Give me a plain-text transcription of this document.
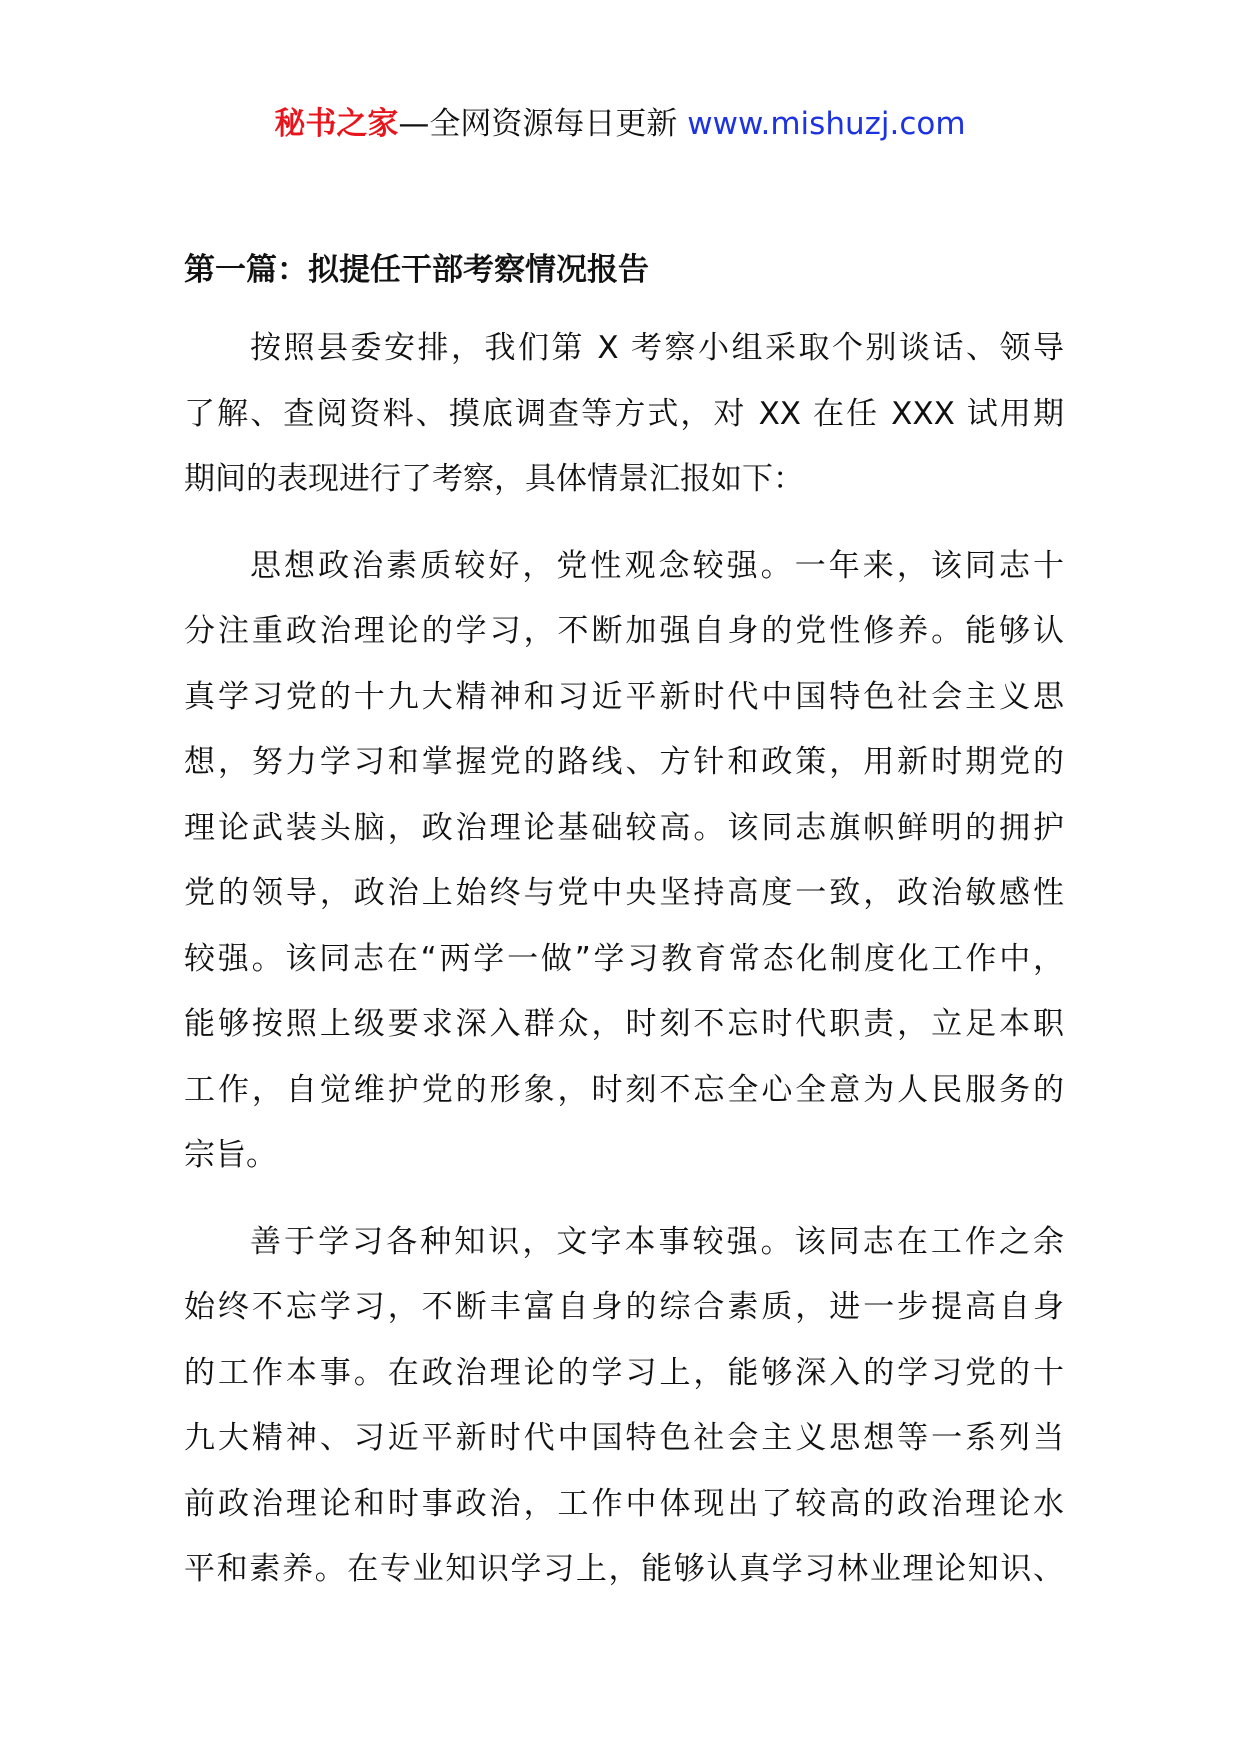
秘书之家—全网资源每日更新 www.mishuzj.com
第一篇：拟提任干部考察情况报告
按照县委安排，我们第 X 考察小组采取个别谈话、领导
了解、查阅资料、摸底调查等方式，对 XX 在任 XXX 试用期
期间的表现进行了考察，具体情景汇报如下：
思想政治素质较好，党性观念较强。一年来，该同志十
分注重政治理论的学习，不断加强自身的党性修养。能够认
真学习党的十九大精神和习近平新时代中国特色社会主义思
想，努力学习和掌握党的路线、方针和政策，用新时期党的
理论武装头脑，政治理论基础较高。该同志旗帜鲜明的拥护
党的领导，政治上始终与党中央坚持高度一致，政治敏感性
较强。该同志在“两学一做”学习教育常态化制度化工作中，
能够按照上级要求深入群众，时刻不忘时代职责，立足本职
工作，自觉维护党的形象，时刻不忘全心全意为人民服务的
宗旨。
善于学习各种知识，文字本事较强。该同志在工作之余
始终不忘学习，不断丰富自身的综合素质，进一步提高自身
的工作本事。在政治理论的学习上，能够深入的学习党的十
九大精神、习近平新时代中国特色社会主义思想等一系列当
前政治理论和时事政治，工作中体现出了较高的政治理论水
平和素养。在专业知识学习上，能够认真学习林业理论知识、
